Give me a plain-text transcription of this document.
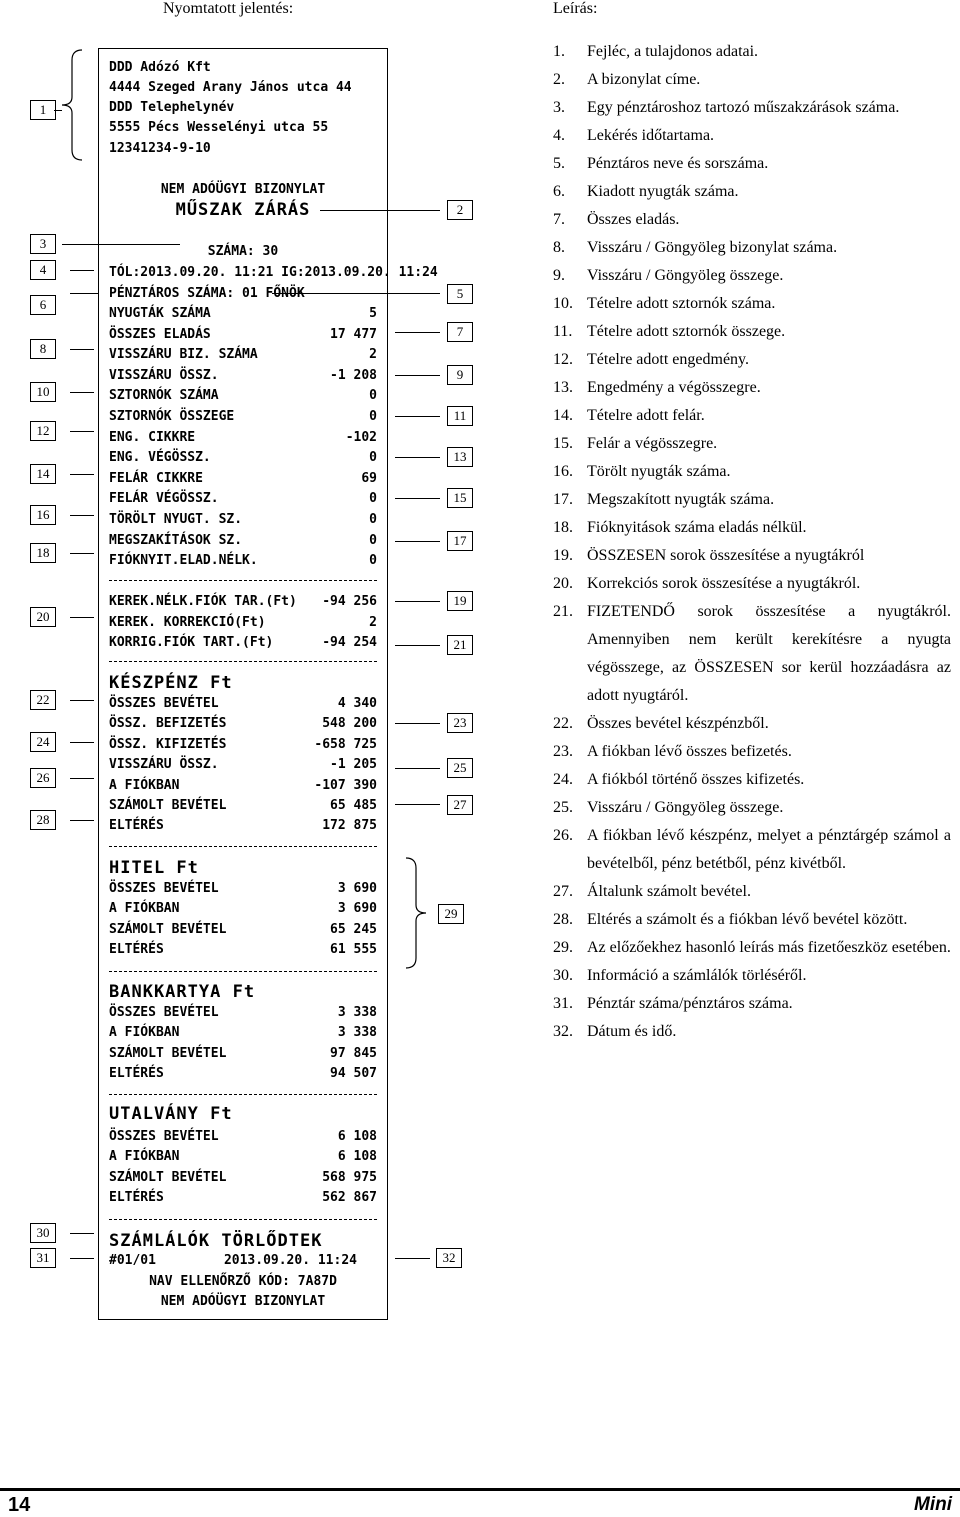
Nyomtatott jelentés:	Leírás:
DDD Adózó Kft
4444 Szeged Arany János utca 44
DDD Telephelynév
5555 Pécs Wesselényi utca 55
12341234-9-10
NEM ADÓÜGYI BIZONYLAT
MŰSZAK ZÁRÁS
SZÁMA: 30
TÓL:2013.09.20. 11:21 IG:2013.09.20. 11:24
PÉNZTÁROS SZÁMA: 01 FŐNÖK
NYUGTÁK SZÁMA	5
ÖSSZES ELADÁS	17 477
VISSZÁRU BIZ. SZÁMA	2
VISSZÁRU ÖSSZ.	-1 208
SZTORNÓK SZÁMA	0
SZTORNÓK ÖSSZEGE	0
ENG. CIKKRE	-102
ENG. VÉGÖSSZ.	0
FELÁR CIKKRE	69
FELÁR VÉGÖSSZ.	0
TÖRÖLT NYUGT. SZ.	0
MEGSZAKÍTÁSOK SZ.	0
FIÓKNYIT.ELAD.NÉLK.	0
KEREK.NÉLK.FIÓK TAR.(Ft) -94 256
KEREK. KORREKCIÓ(Ft)	2
KORRIG.FIÓK TART.(Ft)	-94 254
KÉSZPÉNZ Ft
ÖSSZES BEVÉTEL	4 340
ÖSSZ. BEFIZETÉS	548 200
ÖSSZ. KIFIZETÉS	-658 725
VISSZÁRU ÖSSZ.	-1 205
A FIÓKBAN	-107 390
SZÁMOLT BEVÉTEL	65 485
ELTÉRÉS	172 875
HITEL Ft
ÖSSZES BEVÉTEL	3 690
A FIÓKBAN	3 690
SZÁMOLT BEVÉTEL	65 245
ELTÉRÉS	61 555
BANKKARTYA Ft
ÖSSZES BEVÉTEL	3 338
A FIÓKBAN	3 338
SZÁMOLT BEVÉTEL	97 845
ELTÉRÉS	94 507
UTALVÁNY Ft
ÖSSZES BEVÉTEL	6 108
A FIÓKBAN	6 108
SZÁMOLT BEVÉTEL	568 975
ELTÉRÉS	562 867
SZÁMLÁLÓK TÖRLŐDTEK
#01/01	2013.09.20. 11:24
NAV ELLENŐRZŐ KÓD: 7A87D
NEM ADÓÜGYI BIZONYLAT
3
4
6
8
10
12
14
16
18
20
22
24
26
28
30
31
2
5
7
9
11
13
15
17
19
21
23
25
27
32
29
1
1.	Fejléc, a tulajdonos adatai.
2.	A bizonylat címe.
3.	Egy pénztároshoz tartozó műszakzárások száma.
4.	Lekérés időtartama.
5.	Pénztáros neve és sorszáma.
6.	Kiadott nyugták száma.
7.	Összes eladás.
8.	Visszáru / Göngyöleg bizonylat száma.
9.	Visszáru / Göngyöleg összege.
10. Tételre adott sztornók száma.
11. Tételre adott sztornók összege.
12. Tételre adott engedmény.
13. Engedmény a végösszegre.
14. Tételre adott felár.
15. Felár a végösszegre.
16. Törölt nyugták száma.
17. Megszakított nyugták száma.
18. Fióknyitások száma eladás nélkül.
19. ÖSSZESEN sorok összesítése a nyugtákról
20. Korrekciós sorok összesítése a nyugtákról.
21. FIZETENDŐ sorok összesítése a nyugtákról. Amennyiben nem került kerekítésre a nyugta végösszege, az ÖSSZESEN sor kerül hozzáadásra az adott nyugtáról.
22. Összes bevétel készpénzből.
23. A fiókban lévő összes befizetés.
24. A fiókból történő összes kifizetés.
25. Visszáru / Göngyöleg összege.
26. A fiókban lévő készpénz, melyet a pénztárgép számol a bevételből, pénz betétből, pénz kivétből.
27. Általunk számolt bevétel.
28. Eltérés a számolt és a fiókban lévő bevétel között.
29. Az előzőekhez hasonló leírás más fizetőeszköz esetében.
30. Információ a számlálók törléséről.
31. Pénztár száma/pénztáros száma.
32. Dátum és idő.
14	Mini
